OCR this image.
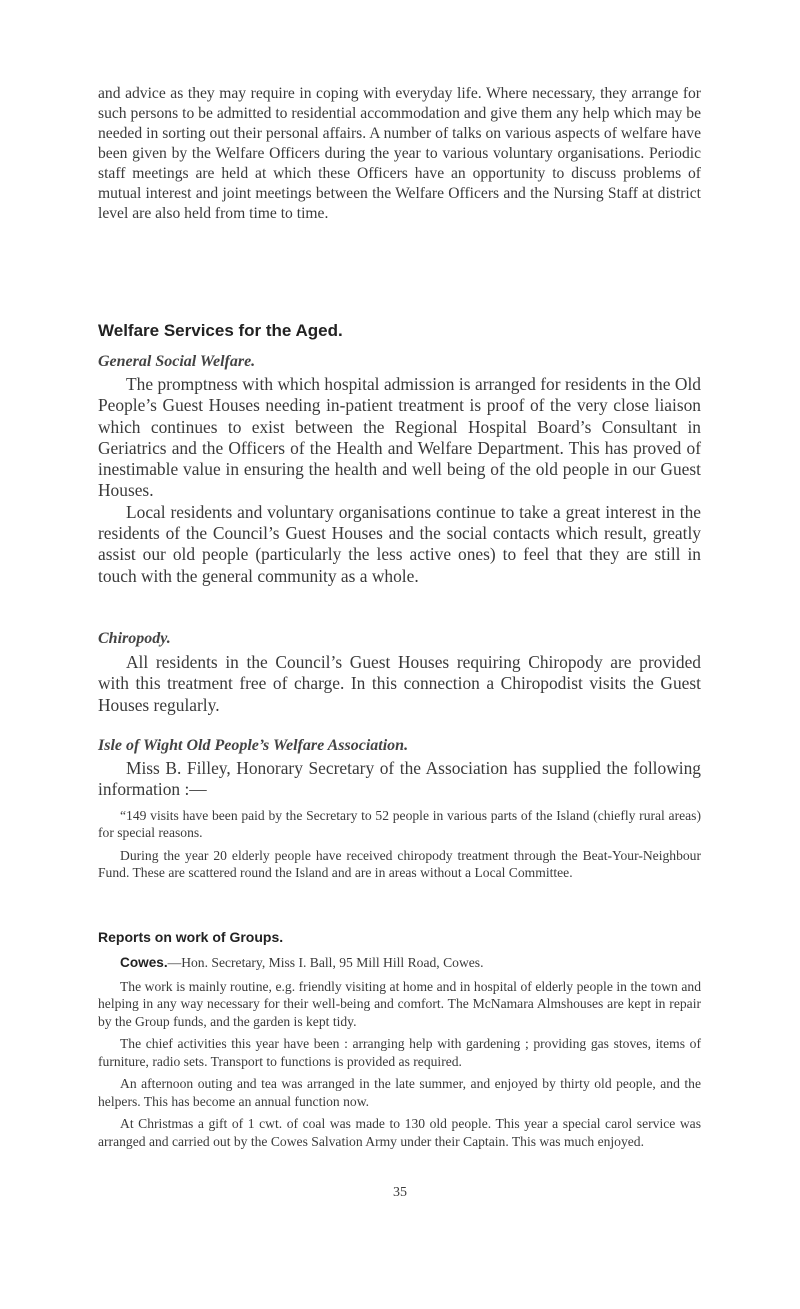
and advice as they may require in coping with everyday life. Where necessary, they arrange for such persons to be admitted to residential accommodation and give them any help which may be needed in sorting out their personal affairs. A number of talks on various aspects of welfare have been given by the Welfare Officers during the year to various voluntary organisations. Periodic staff meetings are held at which these Officers have an opportunity to discuss problems of mutual interest and joint meetings between the Welfare Officers and the Nursing Staff at district level are also held from time to time.

Welfare Services for the Aged.
General Social Welfare.

The promptness with which hospital admission is arranged for residents in the Old People’s Guest Houses needing in-patient treatment is proof of the very close liaison which continues to exist between the Regional Hospital Board’s Consultant in Geriatrics and the Officers of the Health and Welfare Department. This has proved of inestimable value in ensuring the health and well being of the old people in our Guest Houses.

Local residents and voluntary organisations continue to take a great interest in the residents of the Council’s Guest Houses and the social contacts which result, greatly assist our old people (particularly the less active ones) to feel that they are still in touch with the general community as a whole.

Chiropody.

All residents in the Council’s Guest Houses requiring Chiropody are provided with this treatment free of charge. In this connection a Chiropodist visits the Guest Houses regularly.

Isle of Wight Old People’s Welfare Association.

Miss B. Filley, Honorary Secretary of the Association has supplied the following information :—

“149 visits have been paid by the Secretary to 52 people in various parts of the Island (chiefly rural areas) for special reasons.

During the year 20 elderly people have received chiropody treatment through the Beat-Your-Neighbour Fund. These are scattered round the Island and are in areas without a Local Committee.

Reports on work of Groups.

Cowes.—Hon. Secretary, Miss I. Ball, 95 Mill Hill Road, Cowes.

The work is mainly routine, e.g. friendly visiting at home and in hospital of elderly people in the town and helping in any way necessary for their well-being and comfort. The McNamara Almshouses are kept in repair by the Group funds, and the garden is kept tidy.

The chief activities this year have been : arranging help with gardening ; providing gas stoves, items of furniture, radio sets. Transport to functions is provided as required.

An afternoon outing and tea was arranged in the late summer, and enjoyed by thirty old people, and the helpers. This has become an annual function now.

At Christmas a gift of 1 cwt. of coal was made to 130 old people. This year a special carol service was arranged and carried out by the Cowes Salvation Army under their Captain. This was much enjoyed.

35
